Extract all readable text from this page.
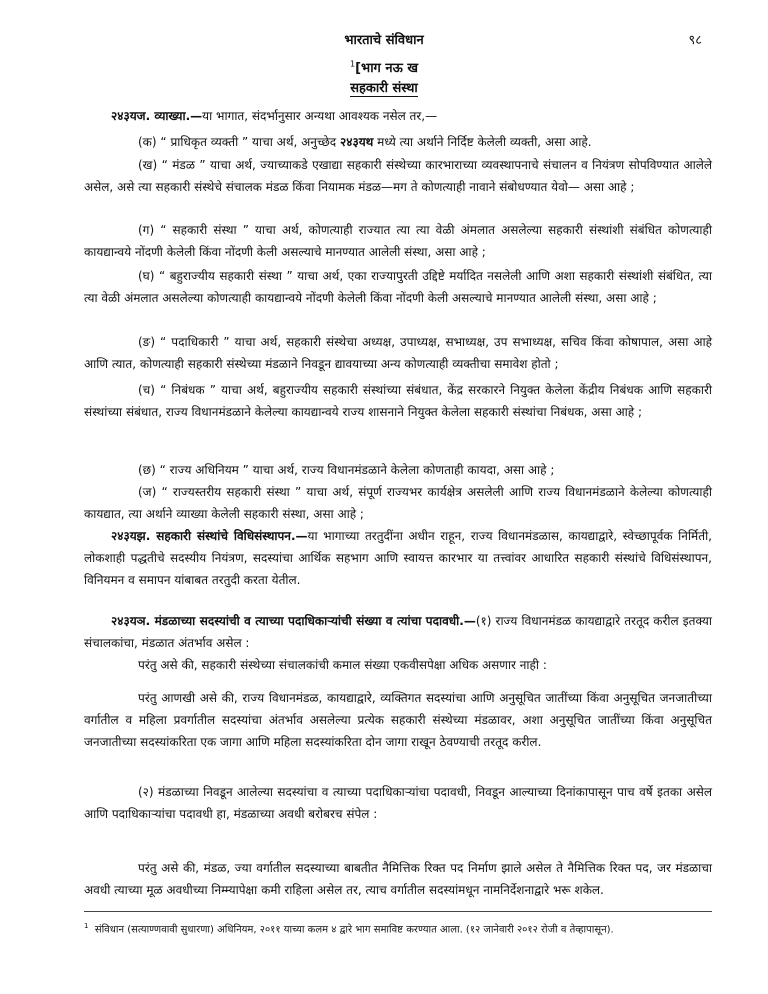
भारताचे संविधान	९८
$^1$[भाग नऊ ख
सहकारी संस्था

२४३यज. व्याख्या.—या भागात, संदर्भानुसार अन्यथा आवश्यक नसेल तर,—

(क) “ प्राधिकृत व्यक्ती ” याचा अर्थ, अनुच्छेद २४३यथ मध्ये त्या अर्थाने निर्दिष्ट केलेली व्यक्ती, असा आहे.

(ख) “ मंडळ ” याचा अर्थ, ज्याच्याकडे एखाद्या सहकारी संस्थेच्या कारभाराच्या व्यवस्थापनाचे संचालन व नियंत्रण सोपविण्यात आलेले असेल, असे त्या सहकारी संस्थेचे संचालक मंडळ किंवा नियामक मंडळ—मग ते कोणत्याही नावाने संबोधण्यात येवो— असा आहे ;

(ग) “ सहकारी संस्था ” याचा अर्थ, कोणत्याही राज्यात त्या त्या वेळी अंमलात असलेल्या सहकारी संस्थांशी संबंधित कोणत्याही कायद्यान्वये नोंदणी केलेली किंवा नोंदणी केली असल्याचे मानण्यात आलेली संस्था, असा आहे ;

(घ) “ बहुराज्यीय सहकारी संस्था ” याचा अर्थ, एका राज्यापुरती उद्दिष्टे मर्यादित नसलेली आणि अशा सहकारी संस्थांशी संबंधित, त्या त्या वेळी अंमलात असलेल्या कोणत्याही कायद्यान्वये नोंदणी केलेली किंवा नोंदणी केली असल्याचे मानण्यात आलेली संस्था, असा आहे ;

(ङ) “ पदाधिकारी ” याचा अर्थ, सहकारी संस्थेचा अध्यक्ष, उपाध्यक्ष, सभाध्यक्ष, उप सभाध्यक्ष, सचिव किंवा कोषापाल, असा आहे आणि त्यात, कोणत्याही सहकारी संस्थेच्या मंडळाने निवडून द्यावयाच्या अन्य कोणत्याही व्यक्तीचा समावेश होतो ;

(च) “ निबंधक ” याचा अर्थ, बहुराज्यीय सहकारी संस्थांच्या संबंधात, केंद्र सरकारने नियुक्त केलेला केंद्रीय निबंधक आणि सहकारी संस्थांच्या संबंधात, राज्य विधानमंडळाने केलेल्या कायद्यान्वये राज्य शासनाने नियुक्त केलेला सहकारी संस्थांचा निबंधक, असा आहे ;

(छ) “ राज्य अधिनियम ” याचा अर्थ, राज्य विधानमंडळाने केलेला कोणताही कायदा, असा आहे ;

(ज) “ राज्यस्तरीय सहकारी संस्था ” याचा अर्थ, संपूर्ण राज्यभर कार्यक्षेत्र असलेली आणि राज्य विधानमंडळाने केलेल्या कोणत्याही कायद्यात, त्या अर्थाने व्याख्या केलेली सहकारी संस्था, असा आहे ;

२४३यझ. सहकारी संस्थांचे विधिसंस्थापन.—या भागाच्या तरतुदींना अधीन राहून, राज्य विधानमंडळास, कायद्याद्वारे, स्वेच्छापूर्वक निर्मिती, लोकशाही पद्धतीचे सदस्यीय नियंत्रण, सदस्यांचा आर्थिक सहभाग आणि स्वायत्त कारभार या तत्त्वांवर आधारित सहकारी संस्थांचे विधिसंस्थापन, विनियमन व समापन यांबाबत तरतुदी करता येतील.

२४३यञ. मंडळाच्या सदस्यांची व त्याच्या पदाधिकाऱ्यांची संख्या व त्यांचा पदावधी.—(१) राज्य विधानमंडळ कायद्याद्वारे तरतूद करील इतक्या संचालकांचा, मंडळात अंतर्भाव असेल :

परंतु असे की, सहकारी संस्थेच्या संचालकांची कमाल संख्या एकवीसपेक्षा अधिक असणार नाही :

परंतु आणखी असे की, राज्य विधानमंडळ, कायद्याद्वारे, व्यक्तिगत सदस्यांचा आणि अनुसूचित जातींच्या किंवा अनुसूचित जनजातीच्या वर्गातील व महिला प्रवर्गातील सदस्यांचा अंतर्भाव असलेल्या प्रत्येक सहकारी संस्थेच्या मंडळावर, अशा अनुसूचित जातींच्या किंवा अनुसूचित जनजातीच्या सदस्यांकरिता एक जागा आणि महिला सदस्यांकरिता दोन जागा राखून ठेवण्याची तरतूद करील.

(२) मंडळाच्या निवडून आलेल्या सदस्यांचा व त्याच्या पदाधिकाऱ्यांचा पदावधी, निवडून आल्याच्या दिनांकापासून पाच वर्षे इतका असेल आणि पदाधिकाऱ्यांचा पदावधी हा, मंडळाच्या अवधी बरोबरच संपेल :

परंतु असे की, मंडळ, ज्या वर्गातील सदस्याच्या बाबतीत नैमित्तिक रिक्त पद निर्माण झाले असेल ते नैमित्तिक रिक्त पद, जर मंडळाचा अवधी त्याच्या मूळ अवधीच्या निम्म्यापेक्षा कमी राहिला असेल तर, त्याच वर्गातील सदस्यांमधून नामनिर्देशनाद्वारे भरू शकेल.

$^1$ संविधान (सत्याण्णवावी सुधारणा) अधिनियम, २०११ याच्या कलम ४ द्वारे भाग समाविष्ट करण्यात आला. (१२ जानेवारी २०१२ रोजी व तेव्हापासून).
